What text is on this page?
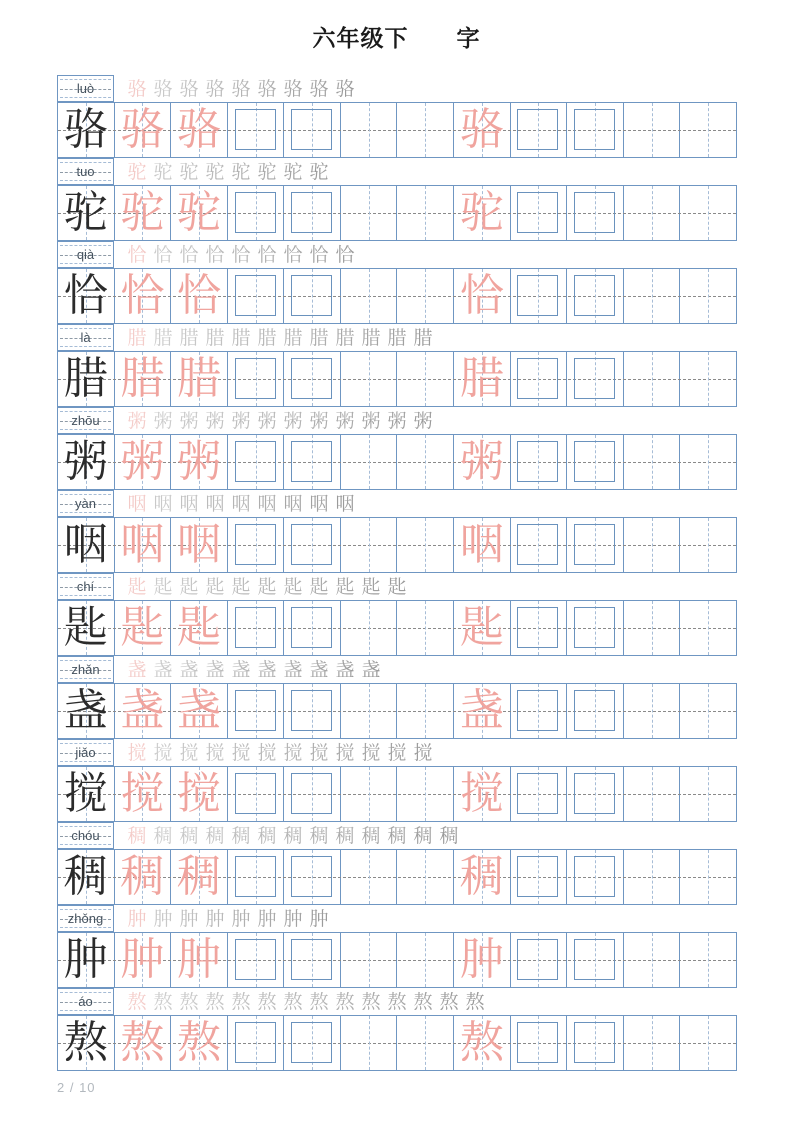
六年级下　　字
luò 骆 骆 骆 骆 骆 骆 骆 骆 骆
骆 骆 骆	骆
tuo 驼 驼 驼 驼 驼 驼 驼 驼
驼 驼 驼	驼
qià 恰 恰 恰 恰 恰 恰 恰 恰 恰
恰 恰 恰	恰
là 腊 腊 腊 腊 腊 腊 腊 腊 腊 腊 腊 腊
腊 腊 腊	腊
zhōu 粥 粥 粥 粥 粥 粥 粥 粥 粥 粥 粥 粥
粥 粥 粥	粥
yàn 咽 咽 咽 咽 咽 咽 咽 咽 咽
咽 咽 咽	咽
chí 匙 匙 匙 匙 匙 匙 匙 匙 匙 匙 匙
匙 匙 匙	匙
zhǎn 盏 盏 盏 盏 盏 盏 盏 盏 盏 盏
盏 盏 盏	盏
jiǎo 搅 搅 搅 搅 搅 搅 搅 搅 搅 搅 搅 搅
搅 搅 搅	搅
chóu 稠 稠 稠 稠 稠 稠 稠 稠 稠 稠 稠 稠 稠
稠 稠 稠	稠
zhǒng 肿 肿 肿 肿 肿 肿 肿 肿
肿 肿 肿	肿
áo 熬 熬 熬 熬 熬 熬 熬 熬 熬 熬 熬 熬 熬 熬
熬 熬 熬	熬
2 / 10
